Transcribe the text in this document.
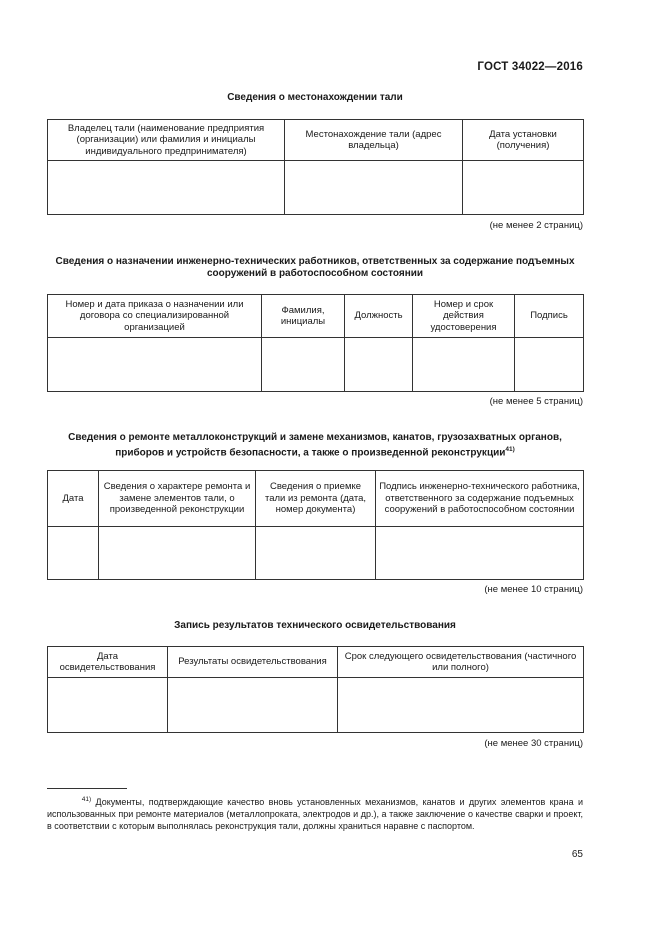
ГОСТ 34022—2016
Сведения о местонахождении тали
Владелец тали (наименование предприятия (организации) или фамилия и инициалы индивидуального предпринимателя)	Местонахождение тали (адрес владельца)	Дата установки (получения)

(не менее 2 страниц)
Сведения о назначении инженерно-технических работников, ответственных за содержание подъемных сооружений в работоспособном состоянии
Номер и дата приказа о назначении или договора со специализированной организацией	Фамилия, инициалы	Должность	Номер и срок действия удостоверения	Подпись

(не менее 5 страниц)
Сведения о ремонте металлоконструкций и замене механизмов, канатов, грузозахватных органов, приборов и устройств безопасности, а также о произведенной реконструкции$^{41)}$
Дата	Сведения о характере ремонта и замене элементов тали, о произведенной реконструкции	Сведения о приемке тали из ремонта (дата, номер документа)	Подпись инженерно-технического работника, ответственного за содержание подъемных сооружений в работоспособном состоянии

(не менее 10 страниц)
Запись результатов технического освидетельствования
Дата освидетельствования	Результаты освидетельствования	Срок следующего освидетельствования (частичного или полного)

(не менее 30 страниц)
$^{41)}$ Документы, подтверждающие качество вновь установленных механизмов, канатов и других элементов крана и использованных при ремонте материалов (металлопроката, электродов и др.), а также заключение о качестве сварки и проект, в соответствии с которым выполнялась реконструкция тали, должны храниться наравне с паспортом.
65
